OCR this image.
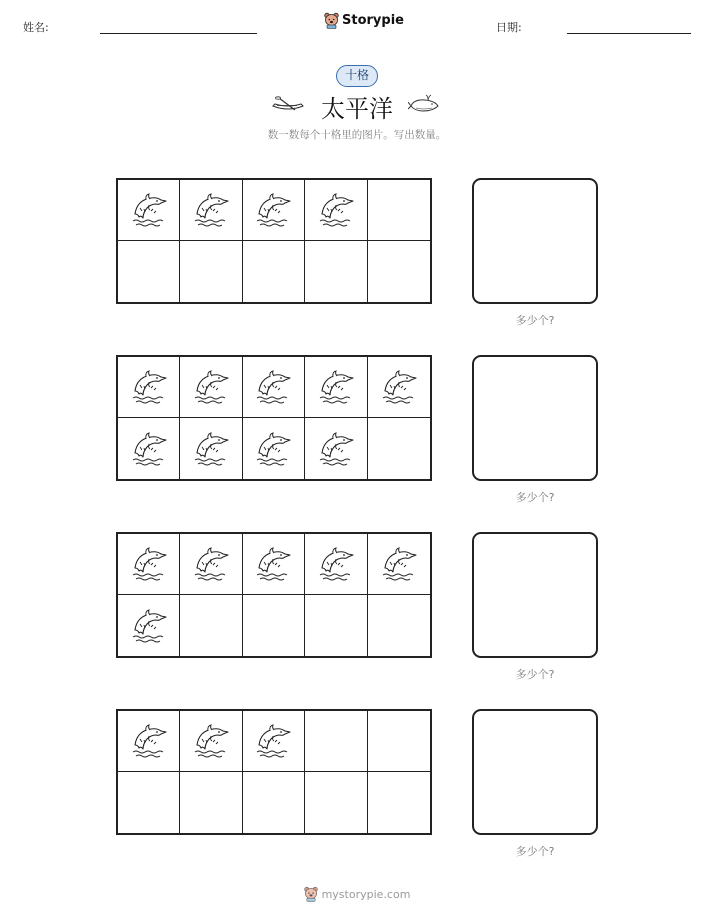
姓名:	Storypie	日期:
十格
太平洋
数一数每个十格里的图片。写出数量。
多少个?
多少个?
多少个?
多少个?
mystorypie.com
